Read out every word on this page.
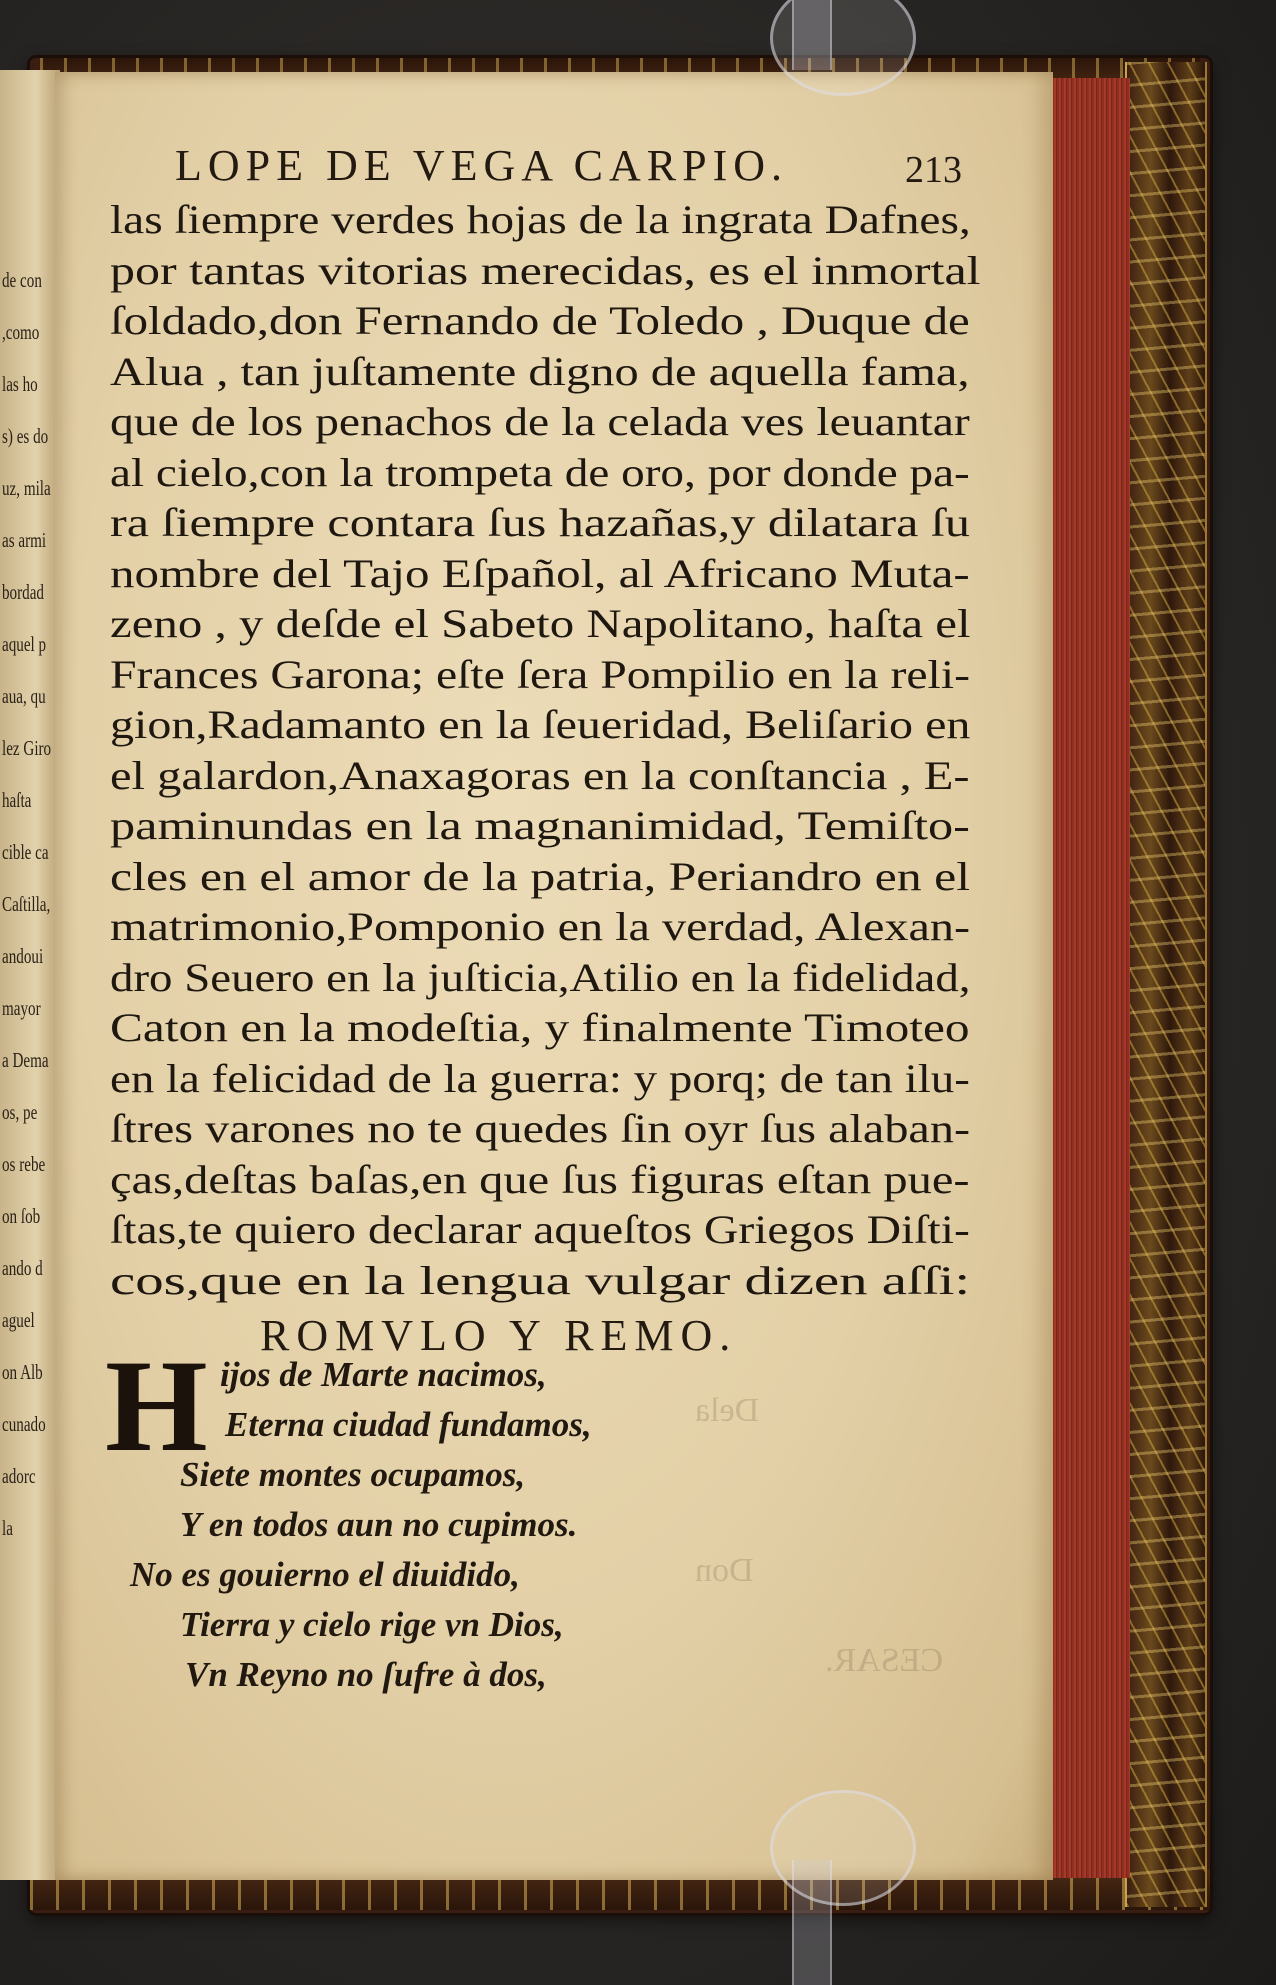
de con
,como
las ho
s) es do
uz, mila
as armi
bordad
aquel p
aua, qu
lez Giro
haſta
cible ca
Caſtilla,
andoui
mayor
a Dema
os, pe
os rebe
on ſob
ando d
aguel
on Alb
cunado
adorc
la
LOPE DE VEGA CARPIO.	213
las ſiempre verdes hojas de la ingrata Dafnes,
por tantas vitorias merecidas, es el inmortal
ſoldado,don Fernando de Toledo , Duque de
Alua , tan juſtamente digno de aquella fama,
que de los penachos de la celada ves leuantar
al cielo,con la trompeta de oro, por donde pa-
ra ſiempre contara ſus hazañas,y dilatara ſu
nombre del Tajo Eſpañol, al Africano Muta-
zeno , y deſde el Sabeto Napolitano, haſta el
Frances Garona; eſte ſera Pompilio en la reli-
gion,Radamanto en la ſeueridad, Beliſario en
el galardon,Anaxagoras en la conſtancia , E-
paminundas en la magnanimidad, Temiſto-
cles en el amor de la patria, Periandro en el
matrimonio,Pomponio en la verdad, Alexan-
dro Seuero en la juſticia,Atilio en la fidelidad,
Caton en la modeſtia, y finalmente Timoteo
en la felicidad de la guerra: y porq; de tan ilu-
ſtres varones no te quedes ſin oyr ſus alaban-
ças,deſtas baſas,en que ſus figuras eſtan pue-
ſtas,te quiero declarar aqueſtos Griegos Diſti-
cos,que en la lengua vulgar dizen aſſi:
ROMVLO Y REMO.
H ijos de Marte nacimos,
Eterna ciudad fundamos,
Siete montes ocupamos,
Y en todos aun no cupimos.
No es gouierno el diuidido,
Tierra y cielo rige vn Dios,
Vn Reyno no ſufre à dos,
Dela
Don
CESAR.
